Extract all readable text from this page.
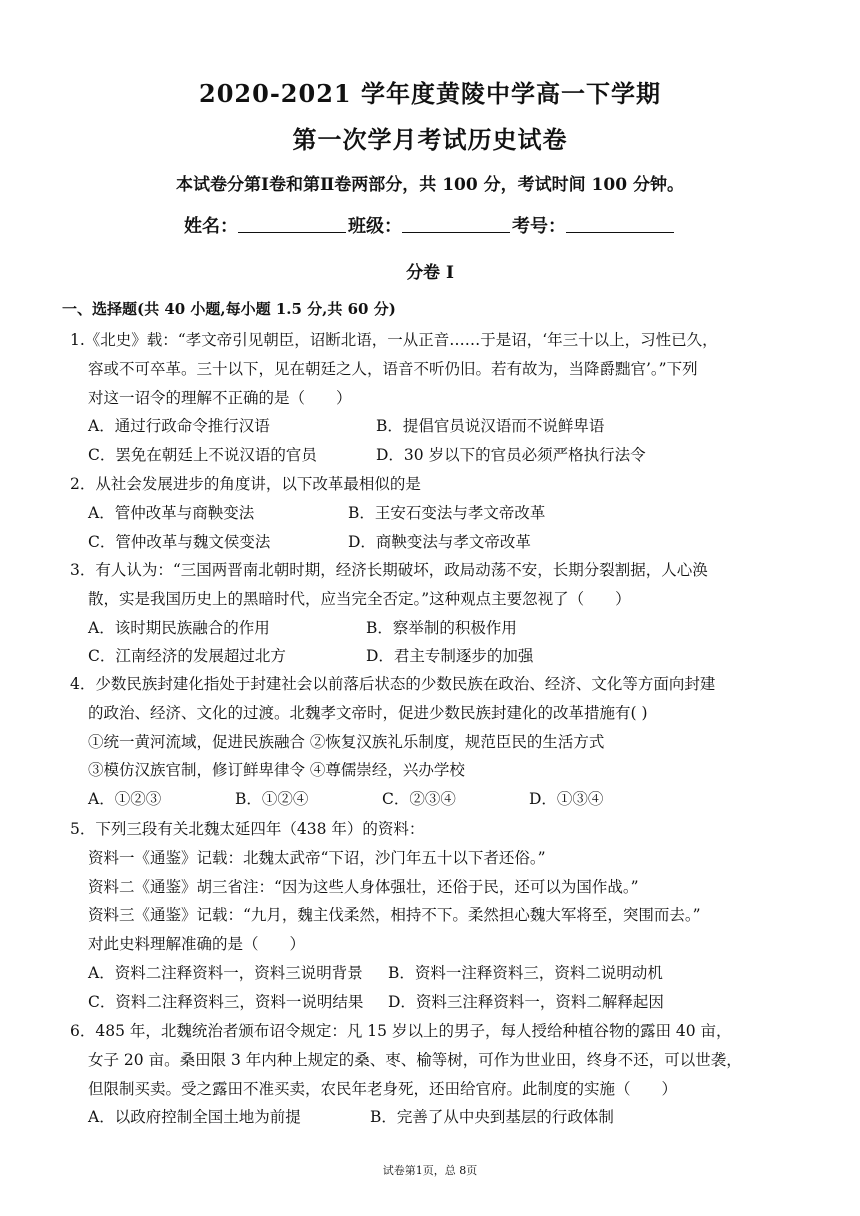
2020-2021 学年度黄陵中学高一下学期
第一次学月考试历史试卷
本试卷分第Ⅰ卷和第Ⅱ卷两部分，共 100 分，考试时间 100 分钟。
姓名：	班级：	考号：
分卷 I
一、选择题(共 40 小题,每小题 1.5 分,共 60 分)

1.《北史》载：“孝文帝引见朝臣，诏断北语，一从正音……于是诏，‘年三十以上，习性已久，

容或不可卒革。三十以下，见在朝廷之人，语音不听仍旧。若有故为，当降爵黜官’。”下列

对这一诏令的理解不正确的是（　　）

A．通过行政命令推行汉语	B．提倡官员说汉语而不说鲜卑语
C．罢免在朝廷上不说汉语的官员	D．30 岁以下的官员必须严格执行法令

2．从社会发展进步的角度讲，以下改革最相似的是

A．管仲改革与商鞅变法	B．王安石变法与孝文帝改革
C．管仲改革与魏文侯变法	D．商鞅变法与孝文帝改革

3．有人认为：“三国两晋南北朝时期，经济长期破坏，政局动荡不安，长期分裂割据，人心涣

散，实是我国历史上的黑暗时代，应当完全否定。”这种观点主要忽视了（　　）

A．该时期民族融合的作用	B．察举制的积极作用
C．江南经济的发展超过北方	D．君主专制逐步的加强

4．少数民族封建化指处于封建社会以前落后状态的少数民族在政治、经济、文化等方面向封建

的政治、经济、文化的过渡。北魏孝文帝时，促进少数民族封建化的改革措施有( )

①统一黄河流域，促进民族融合 ②恢复汉族礼乐制度，规范臣民的生活方式

③模仿汉族官制，修订鲜卑律令 ④尊儒崇经，兴办学校

A．①②③	B．①②④	C．②③④	D．①③④

5．下列三段有关北魏太延四年（438 年）的资料：

资料一《通鉴》记载：北魏太武帝“下诏，沙门年五十以下者还俗。”

资料二《通鉴》胡三省注：“因为这些人身体强壮，还俗于民，还可以为国作战。”

资料三《通鉴》记载：“九月，魏主伐柔然，相持不下。柔然担心魏大军将至，突围而去。”

对此史料理解准确的是（　　）

A．资料二注释资料一，资料三说明背景	B．资料一注释资料三，资料二说明动机
C．资料二注释资料三，资料一说明结果	D．资料三注释资料一，资料二解释起因

6．485 年，北魏统治者颁布诏令规定：凡 15 岁以上的男子，每人授给种植谷物的露田 40 亩，

女子 20 亩。桑田限 3 年内种上规定的桑、枣、榆等树，可作为世业田，终身不还，可以世袭，

但限制买卖。受之露田不准买卖，农民年老身死，还田给官府。此制度的实施（　　）

A．以政府控制全国土地为前提	B．完善了从中央到基层的行政体制
试卷第1页，总 8页
